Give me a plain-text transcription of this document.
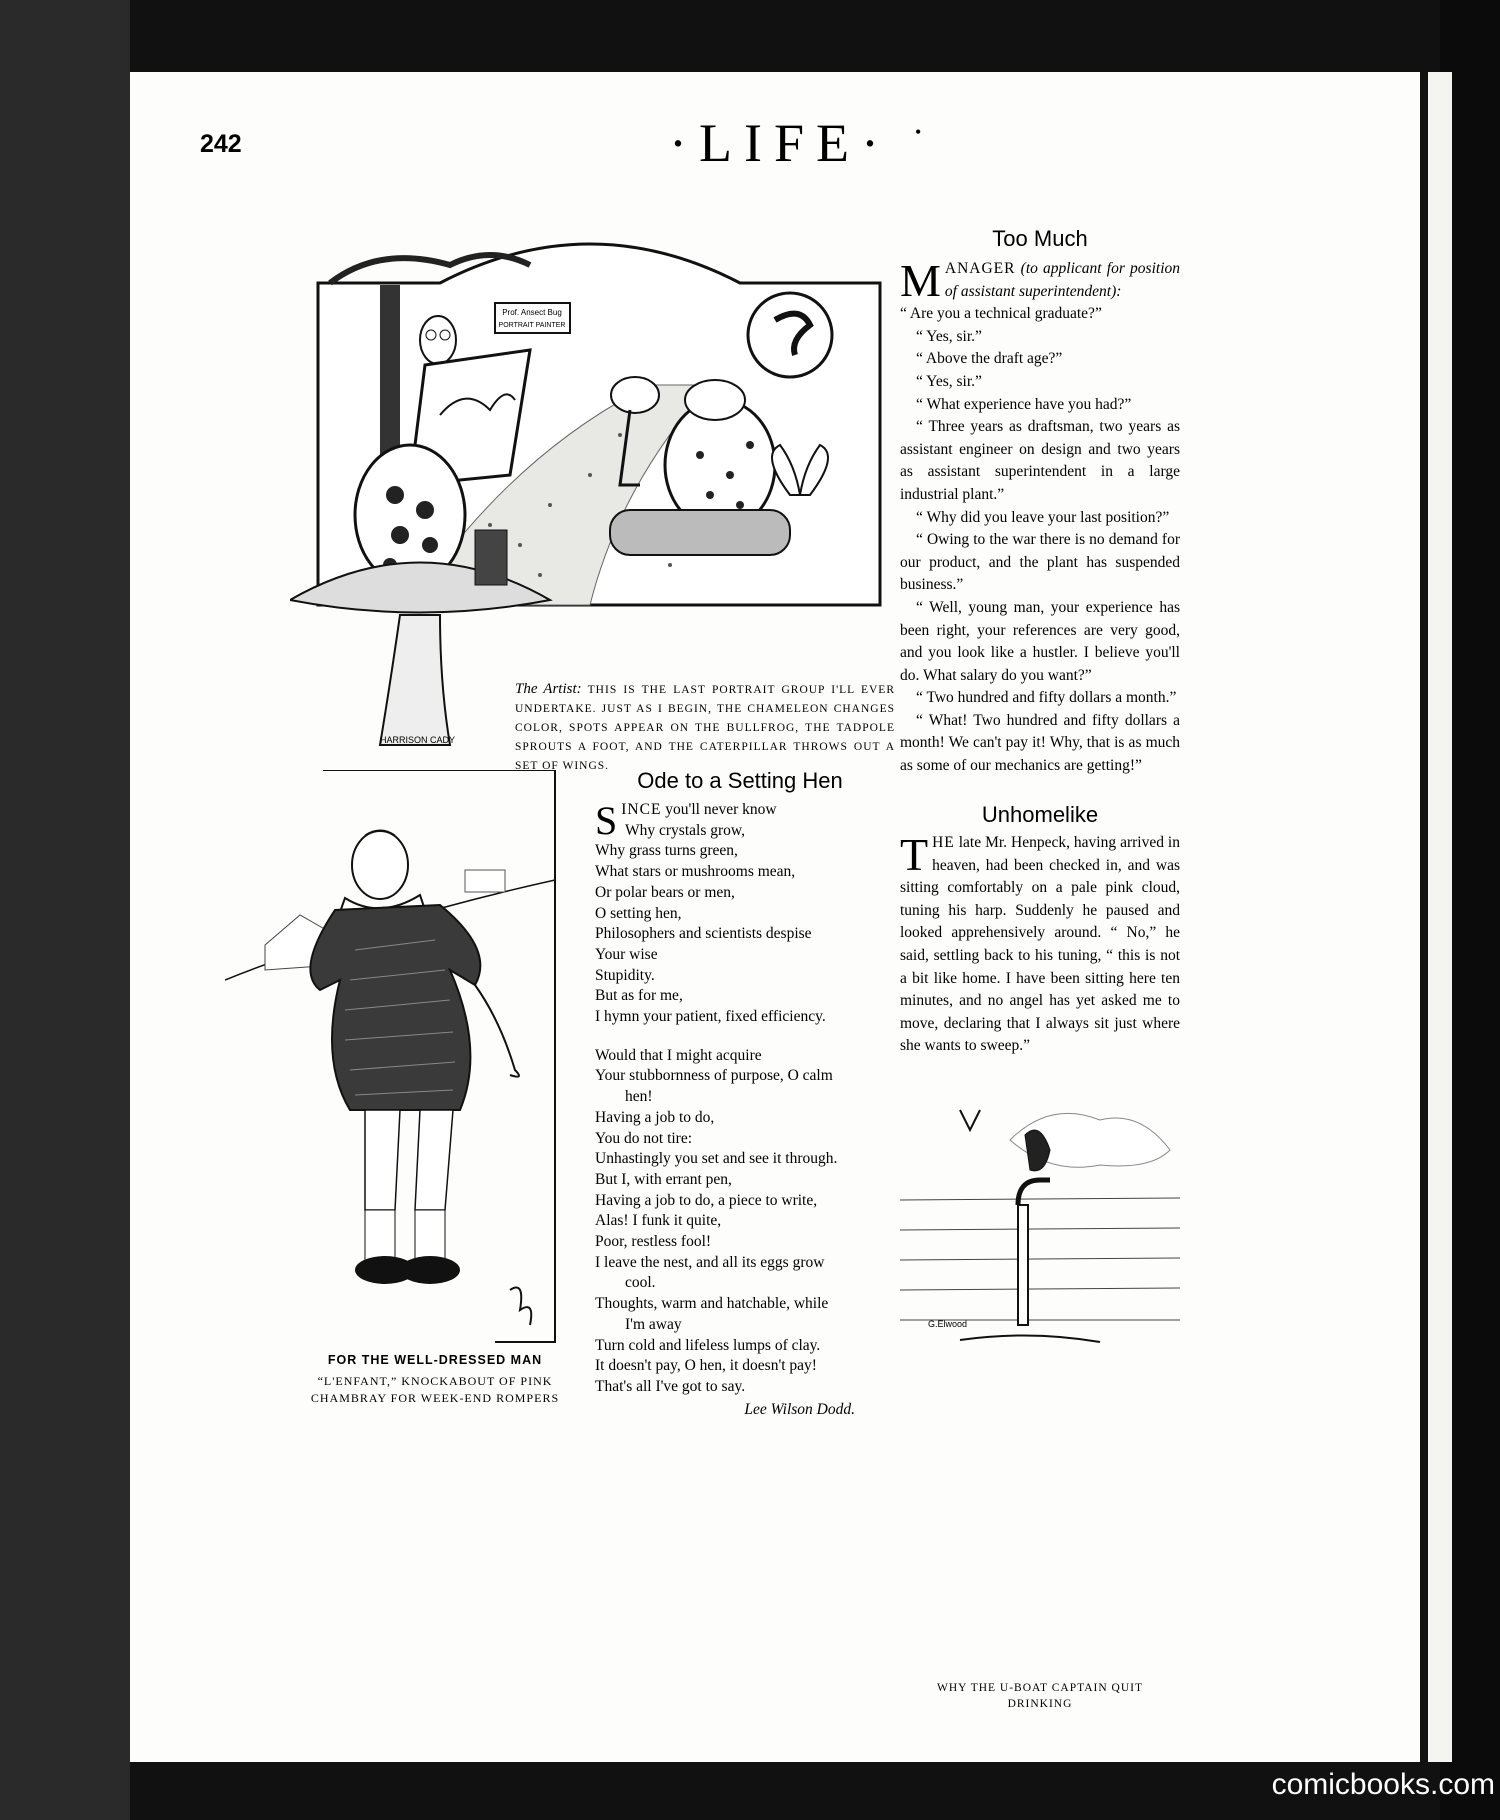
242	·LIFE·	•
Prof. Ansect Bug
PORTRAIT PAINTER
HARRISON CADY
The Artist: THIS IS THE LAST PORTRAIT GROUP I'LL EVER UNDERTAKE. JUST AS I BEGIN, THE CHAMELEON CHANGES COLOR, SPOTS APPEAR ON THE BULLFROG, THE TADPOLE SPROUTS A FOOT, AND THE CATERPILLAR THROWS OUT A SET OF WINGS.
Too Much

MANAGER (to applicant for position of assistant superintendent):

“ Are you a technical graduate?”

“ Yes, sir.”

“ Above the draft age?”

“ Yes, sir.”

“ What experience have you had?”

“ Three years as draftsman, two years as assistant engineer on design and two years as assistant superintendent in a large industrial plant.”

“ Why did you leave your last position?”

“ Owing to the war there is no demand for our product, and the plant has suspended business.”

“ Well, young man, your experience has been right, your references are very good, and you look like a hustler. I believe you'll do. What salary do you want?”

“ Two hundred and fifty dollars a month.”

“ What! Two hundred and fifty dollars a month! We can't pay it! Why, that is as much as some of our mechanics are getting!”

Ode to a Setting Hen
SINCE you'll never know
Why crystals grow,
Why grass turns green,
What stars or mushrooms mean,
Or polar bears or men,
O setting hen,
Philosophers and scientists despise
Your wise
Stupidity.
But as for me,
I hymn your patient, fixed efficiency.
Would that I might acquire
Your stubbornness of purpose, O calm
hen!
Having a job to do,
You do not tire:
Unhastingly you set and see it through.
But I, with errant pen,
Having a job to do, a piece to write,
Alas! I funk it quite,
Poor, restless fool!
I leave the nest, and all its eggs grow
cool.
Thoughts, warm and hatchable, while
I'm away
Turn cold and lifeless lumps of clay.
It doesn't pay, O hen, it doesn't pay!
That's all I've got to say.
Lee Wilson Dodd.
Unhomelike

THE late Mr. Henpeck, having arrived in heaven, had been checked in, and was sitting comfortably on a pale pink cloud, tuning his harp. Suddenly he paused and looked apprehensively around. “ No,” he said, settling back to his tuning, “ this is not a bit like home. I have been sitting here ten minutes, and no angel has yet asked me to move, declaring that I always sit just where she wants to sweep.”

FOR THE WELL-DRESSED MAN
“L'ENFANT,” KNOCKABOUT OF PINK CHAMBRAY FOR WEEK-END ROMPERS
G.Elwood
WHY THE U-BOAT CAPTAIN QUIT DRINKING
comicbooks.com
